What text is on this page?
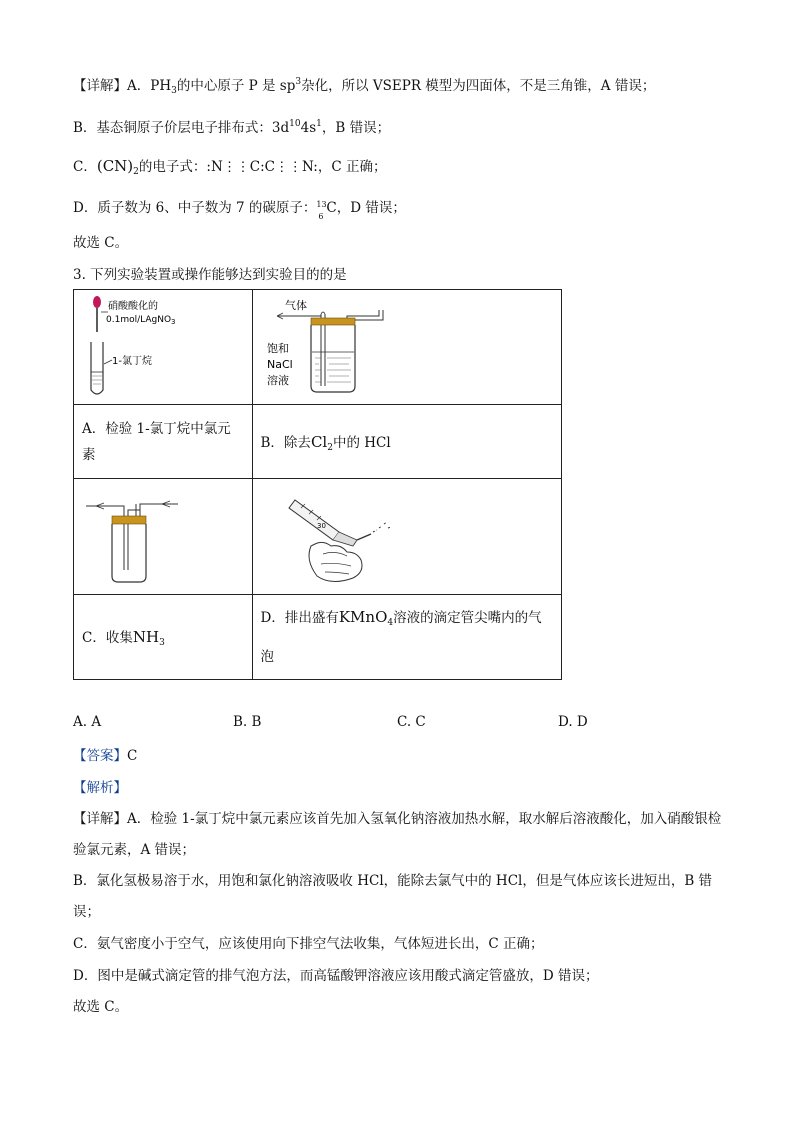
【详解】A．$PH_3$的中心原子 P 是 $sp^3$杂化，所以 VSEPR 模型为四面体，不是三角锥，A 错误；
B．基态铜原子价层电子排布式：$3d^{10}4s^1$，B 错误；
C．$(CN)_2$的电子式：:N⋮⋮C:C⋮⋮N:，C 正确；
D．质子数为 6、中子数为 7 的碳原子： 13
6
C，D 错误；
故选 C。
3. 下列实验装置或操作能够达到实验目的的是
硝酸酸化的
0.1mol/LAgNO$_3$
1-氯丁烷	气体
饱和
NaCl
溶液

A．检验 1-氯丁烷中氯元素	B．除去$Cl_2$中的 HCl

30

C．收集$NH_3$	D．排出盛有KMnO$_4$溶液的滴定管尖嘴内的气泡
A. A	B. B	C. C	D. D
【答案】C
【解析】
【详解】A．检验 1-氯丁烷中氯元素应该首先加入氢氧化钠溶液加热水解，取水解后溶液酸化，加入硝酸银检验氯元素，A 错误；
B．氯化氢极易溶于水，用饱和氯化钠溶液吸收 HCl，能除去氯气中的 HCl，但是气体应该长进短出，B 错误；
C．氨气密度小于空气，应该使用向下排空气法收集，气体短进长出，C 正确；
D．图中是碱式滴定管的排气泡方法，而高锰酸钾溶液应该用酸式滴定管盛放，D 错误；
故选 C。
